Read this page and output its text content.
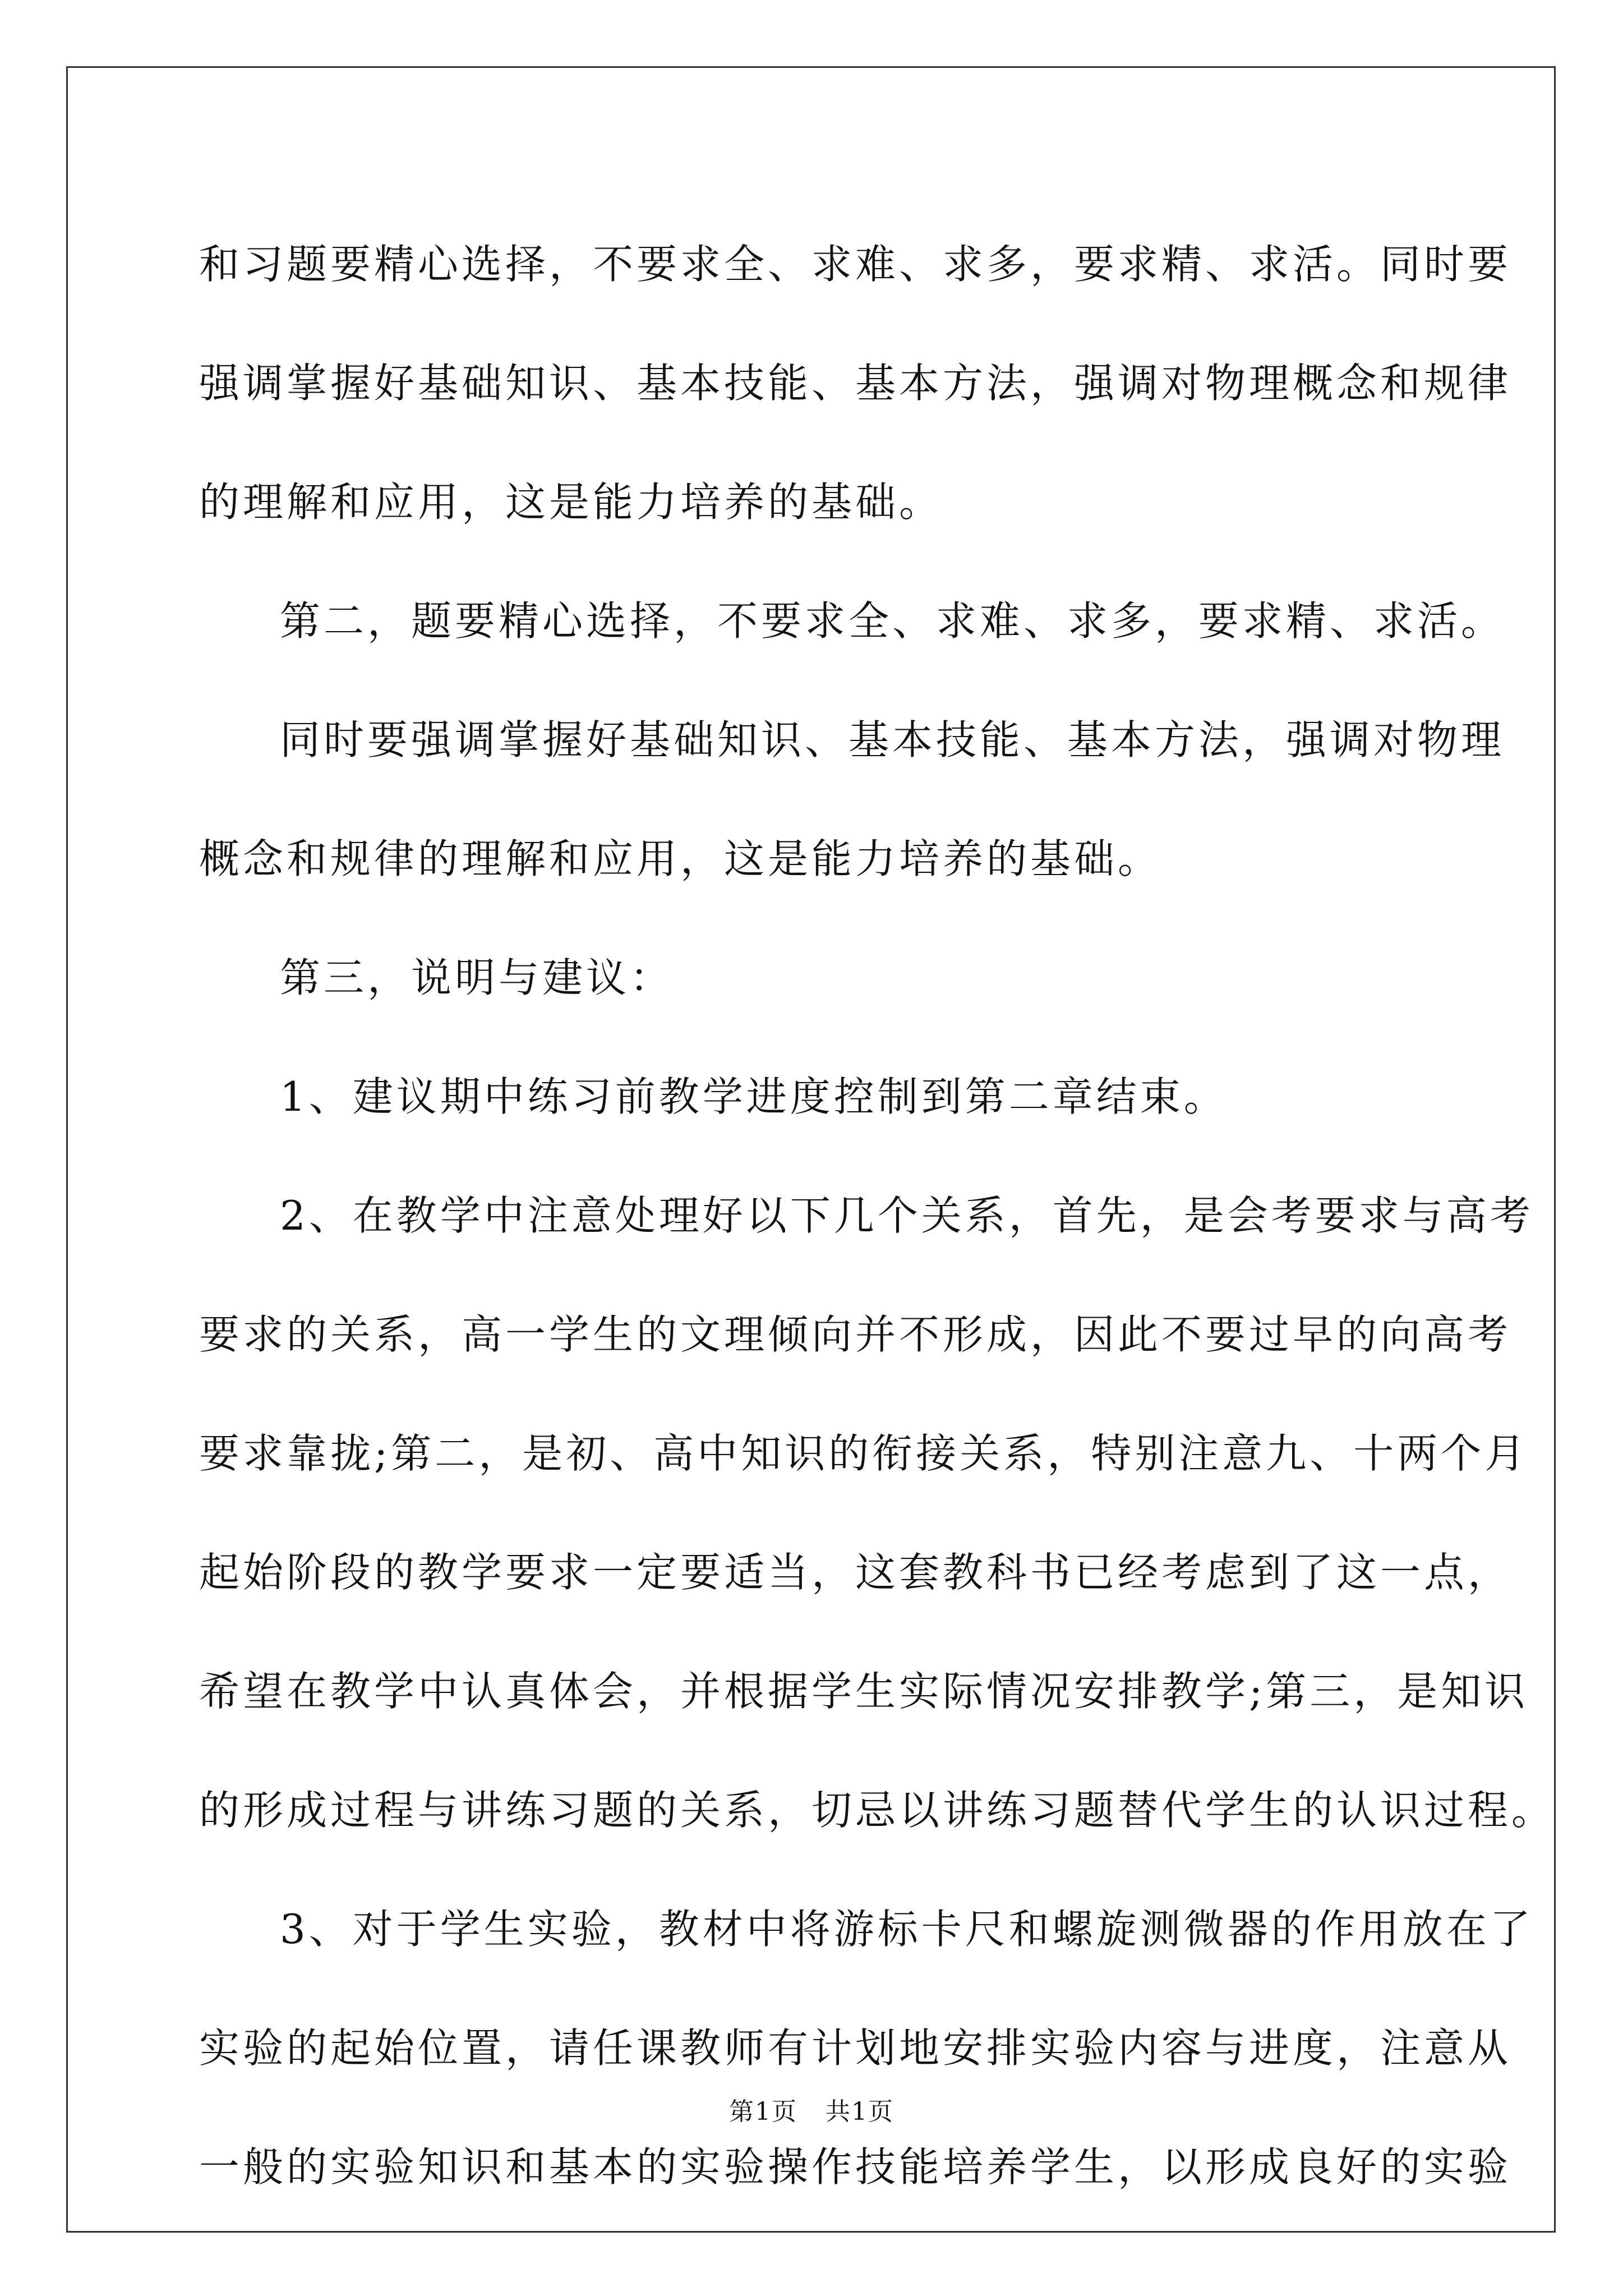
和习题要精心选择，不要求全、求难、求多，要求精、求活。同时要
强调掌握好基础知识、基本技能、基本方法，强调对物理概念和规律
的理解和应用，这是能力培养的基础。
第二，题要精心选择，不要求全、求难、求多，要求精、求活。
同时要强调掌握好基础知识、基本技能、基本方法，强调对物理
概念和规律的理解和应用，这是能力培养的基础。
第三，说明与建议：
1、建议期中练习前教学进度控制到第二章结束。
2、在教学中注意处理好以下几个关系，首先，是会考要求与高考
要求的关系，高一学生的文理倾向并不形成，因此不要过早的向高考
要求靠拢;第二，是初、高中知识的衔接关系，特别注意九、十两个月
起始阶段的教学要求一定要适当，这套教科书已经考虑到了这一点，
希望在教学中认真体会，并根据学生实际情况安排教学;第三，是知识
的形成过程与讲练习题的关系，切忌以讲练习题替代学生的认识过程。
3、对于学生实验，教材中将游标卡尺和螺旋测微器的作用放在了
实验的起始位置，请任课教师有计划地安排实验内容与进度，注意从
一般的实验知识和基本的实验操作技能培养学生，以形成良好的实验
第1页 共1页
